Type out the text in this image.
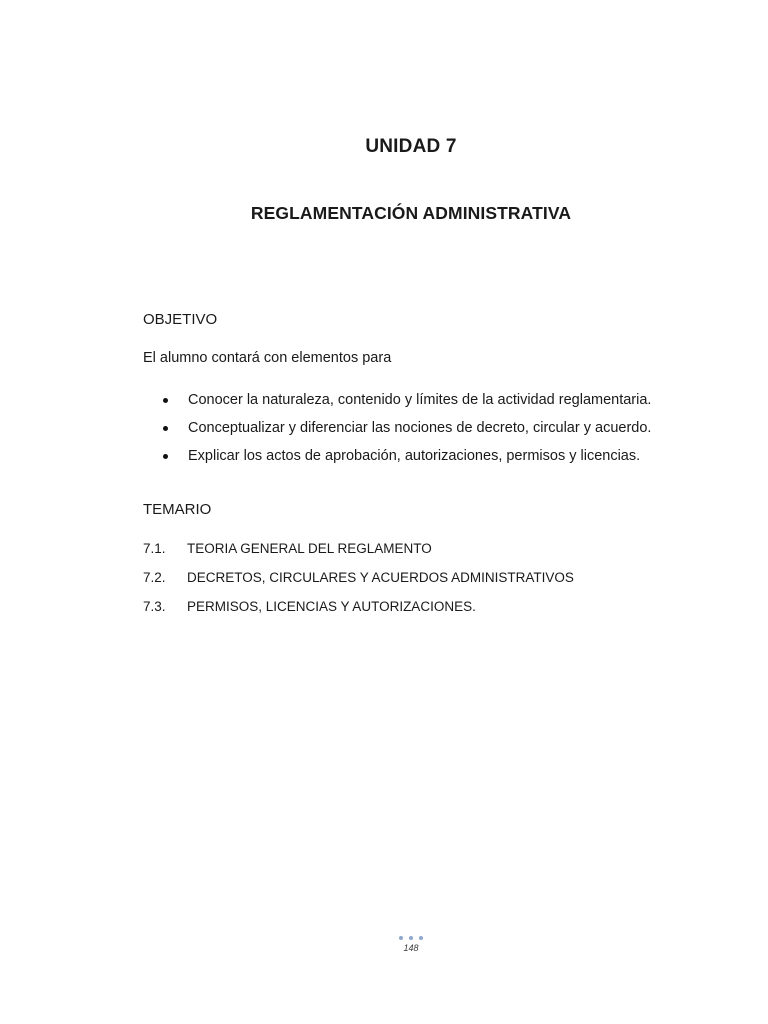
UNIDAD 7
REGLAMENTACIÓN ADMINISTRATIVA
OBJETIVO

El alumno contará con elementos para

Conocer la naturaleza, contenido y límites de la actividad reglamentaria.
Conceptualizar y diferenciar las nociones de decreto, circular y acuerdo.
Explicar los actos de aprobación, autorizaciones, permisos y licencias.
TEMARIO
7.1. TEORIA GENERAL DEL REGLAMENTO
7.2. DECRETOS, CIRCULARES Y ACUERDOS ADMINISTRATIVOS
7.3. PERMISOS, LICENCIAS Y AUTORIZACIONES.
148
